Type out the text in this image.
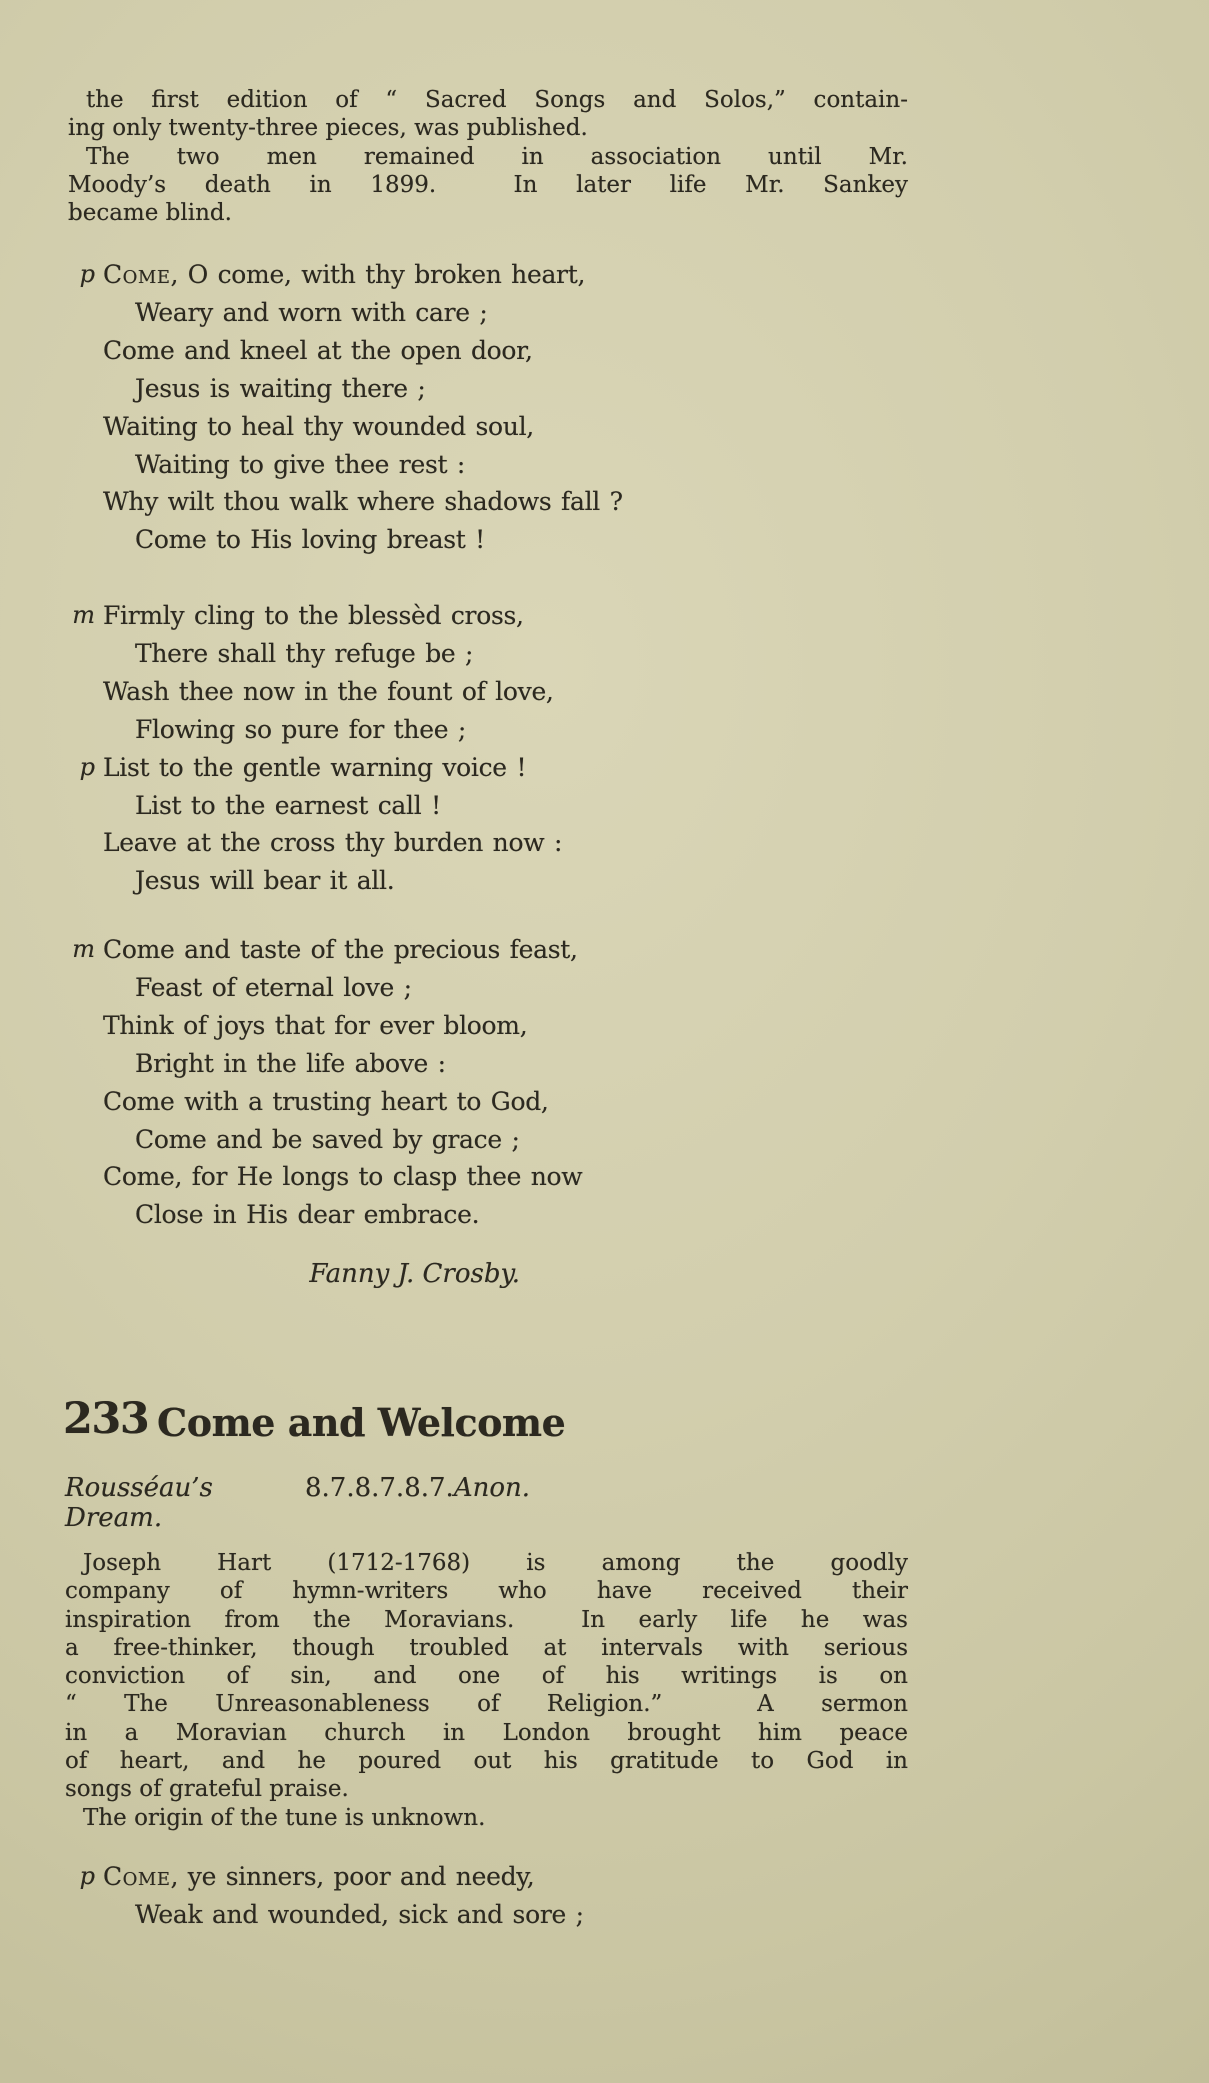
the first edition of “ Sacred Songs and Solos,” contain-
ing only twenty-three pieces, was published.
The two men remained in association until Mr.
Moody’s death in 1899.  In later life Mr. Sankey
became blind.
p Come, O come, with thy broken heart,
Weary and worn with care ;
Come and kneel at the open door,
Jesus is waiting there ;
Waiting to heal thy wounded soul,
Waiting to give thee rest :
Why wilt thou walk where shadows fall ?
Come to His loving breast !
m Firmly cling to the blessèd cross,
There shall thy refuge be ;
Wash thee now in the fount of love,
Flowing so pure for thee ;
p List to the gentle warning voice !
List to the earnest call !
Leave at the cross thy burden now :
Jesus will bear it all.
m Come and taste of the precious feast,
Feast of eternal love ;
Think of joys that for ever bloom,
Bright in the life above :
Come with a trusting heart to God,
Come and be saved by grace ;
Come, for He longs to clasp thee now
Close in His dear embrace.
Fanny J. Crosby.
233 Come and Welcome
Rousséau’s Dream.
8.7.8.7.8.7. Anon.
Joseph Hart (1712-1768) is among the goodly
company of hymn-writers who have received their
inspiration from the Moravians.  In early life he was
a free-thinker, though troubled at intervals with serious
conviction of sin, and one of his writings is on
“ The Unreasonableness of Religion.”  A sermon
in a Moravian church in London brought him peace
of heart, and he poured out his gratitude to God in
songs of grateful praise.
The origin of the tune is unknown.
p Come, ye sinners, poor and needy,
Weak and wounded, sick and sore ;
